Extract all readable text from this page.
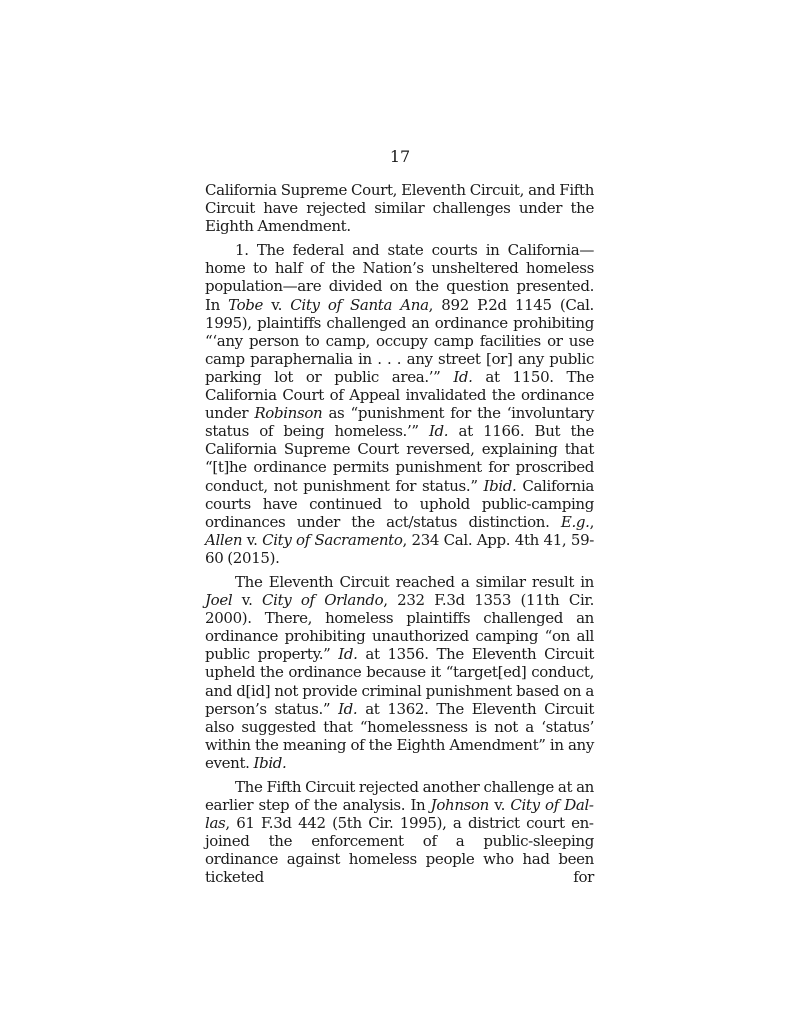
17

California Supreme Court, Eleventh Circuit, and Fifth Circuit have rejected similar challenges under the Eighth Amendment.

1. The federal and state courts in California—home to half of the Nation’s unsheltered homeless population—are divided on the question presented. In Tobe v. City of Santa Ana, 892 P.2d 1145 (Cal. 1995), plaintiffs challenged an ordinance prohibiting “‘any person to camp, occupy camp facilities or use camp paraphernalia in . . . any street [or] any public parking lot or public area.’” Id. at 1150. The California Court of Appeal invalidated the ordinance under Robinson as “punishment for the ‘involuntary status of being homeless.’” Id. at 1166. But the California Supreme Court reversed, explaining that “[t]he ordinance permits punishment for proscribed conduct, not punishment for status.” Ibid. California courts have continued to uphold public-camping ordinances under the act/status distinction. E.g., Allen v. City of Sacramento, 234 Cal. App. 4th 41, 59-60 (2015).

The Eleventh Circuit reached a similar result in Joel v. City of Orlando, 232 F.3d 1353 (11th Cir. 2000). There, homeless plaintiffs challenged an ordinance prohibiting unauthorized camping “on all public property.” Id. at 1356. The Eleventh Circuit upheld the ordinance because it “target[ed] conduct, and d[id] not provide criminal punishment based on a person’s status.” Id. at 1362. The Eleventh Circuit also suggested that “homelessness is not a ‘status’ within the meaning of the Eighth Amendment” in any event. Ibid.

The Fifth Circuit rejected another challenge at an earlier step of the analysis. In Johnson v. City of Dallas, 61 F.3d 442 (5th Cir. 1995), a district court enjoined the enforcement of a public-sleeping ordinance against homeless people who had been ticketed for
